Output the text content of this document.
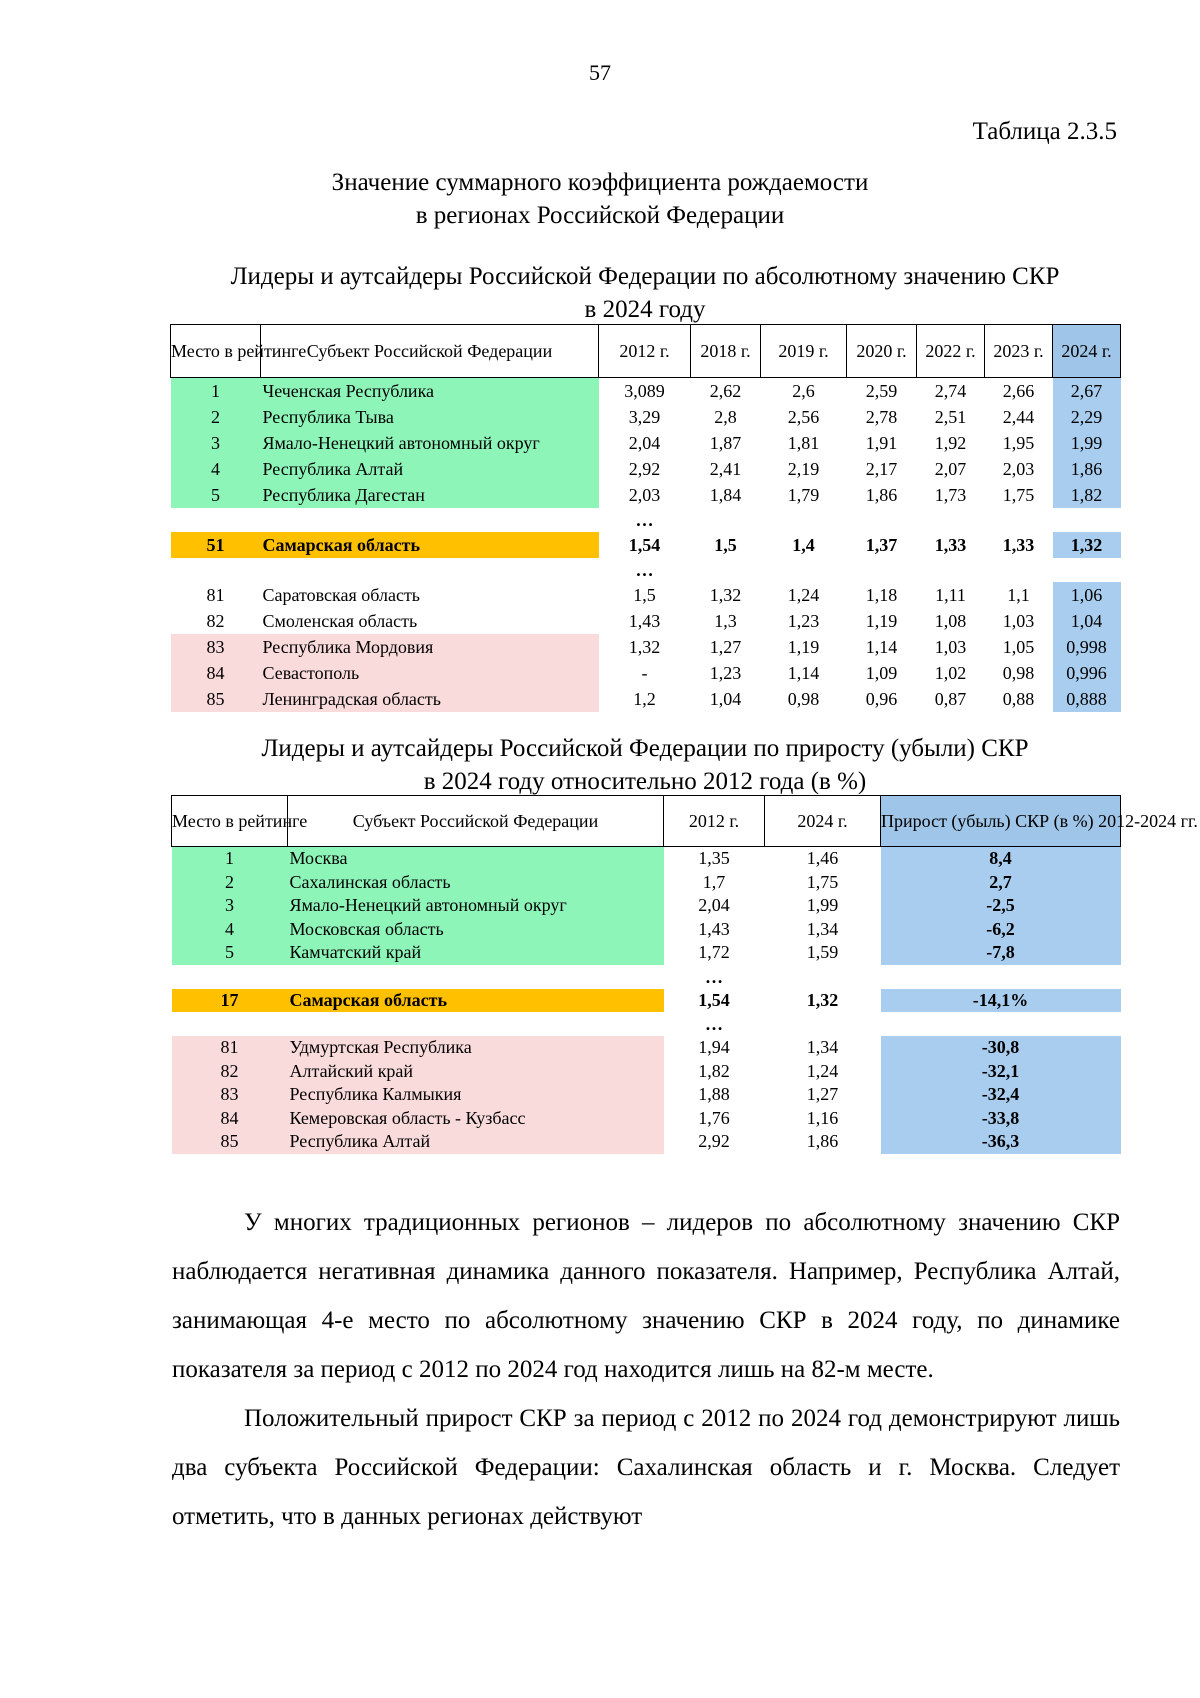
57
Таблица 2.3.5
Значение суммарного коэффициента рождаемости
в регионах Российской Федерации
Лидеры и аутсайдеры Российской Федерации по абсолютному значению СКР
в 2024 году
Место в рейтинге	Субъект Российской Федерации	2012 г.	2018 г.	2019 г.	2020 г.	2022 г.	2023 г.	2024 г.
1	Чеченская Республика	3,089	2,62	2,6	2,59	2,74	2,66	2,67
2	Республика Тыва	3,29	2,8	2,56	2,78	2,51	2,44	2,29
3	Ямало-Ненецкий автономный округ	2,04	1,87	1,81	1,91	1,92	1,95	1,99
4	Республика Алтай	2,92	2,41	2,19	2,17	2,07	2,03	1,86
5	Республика Дагестан	2,03	1,84	1,79	1,86	1,73	1,75	1,82
		…						
51	Самарская область	1,54	1,5	1,4	1,37	1,33	1,33	1,32
		…						
81	Саратовская область	1,5	1,32	1,24	1,18	1,11	1,1	1,06
82	Смоленская область	1,43	1,3	1,23	1,19	1,08	1,03	1,04
83	Республика Мордовия	1,32	1,27	1,19	1,14	1,03	1,05	0,998
84	Севастополь	-	1,23	1,14	1,09	1,02	0,98	0,996
85	Ленинградская область	1,2	1,04	0,98	0,96	0,87	0,88	0,888
Лидеры и аутсайдеры Российской Федерации по приросту (убыли) СКР
в 2024 году относительно 2012 года (в %)
Место в рейтинге	Субъект Российской Федерации	2012 г.	2024 г.	Прирост (убыль) СКР (в %) 2012-2024 гг.
1	Москва	1,35	1,46	8,4
2	Сахалинская область	1,7	1,75	2,7
3	Ямало-Ненецкий автономный округ	2,04	1,99	-2,5
4	Московская область	1,43	1,34	-6,2
5	Камчатский край	1,72	1,59	-7,8
		…		
17	Самарская область	1,54	1,32	-14,1%
		…		
81	Удмуртская Республика	1,94	1,34	-30,8
82	Алтайский край	1,82	1,24	-32,1
83	Республика Калмыкия	1,88	1,27	-32,4
84	Кемеровская область - Кузбасс	1,76	1,16	-33,8
85	Республика Алтай	2,92	1,86	-36,3

У многих традиционных регионов – лидеров по абсолютному значению СКР наблюдается негативная динамика данного показателя. Например, Республика Алтай, занимающая 4-е место по абсолютному значению СКР в 2024 году, по динамике показателя за период с 2012 по 2024 год находится лишь на 82-м месте.

Положительный прирост СКР за период с 2012 по 2024 год демонстрируют лишь два субъекта Российской Федерации: Сахалинская область и г. Москва. Следует отметить, что в данных регионах действуют
